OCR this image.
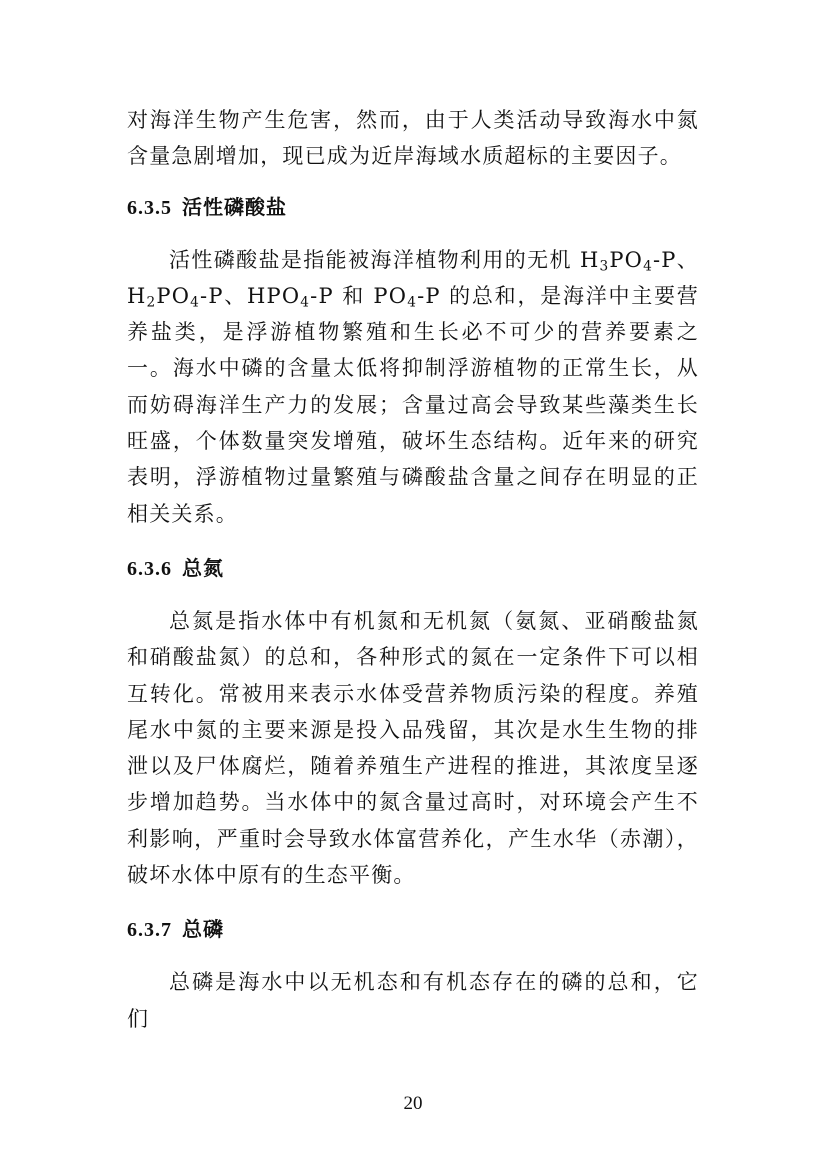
对海洋生物产生危害，然而，由于人类活动导致海水中氮含量急剧增加，现已成为近岸海域水质超标的主要因子。

6.3.5 活性磷酸盐

活性磷酸盐是指能被海洋植物利用的无机 $H_3PO_4-P$、$H_2PO_4-P$、$HPO_4-P$ 和 $PO_4-P$ 的总和，是海洋中主要营养盐类，是浮游植物繁殖和生长必不可少的营养要素之一。海水中磷的含量太低将抑制浮游植物的正常生长，从而妨碍海洋生产力的发展；含量过高会导致某些藻类生长旺盛，个体数量突发增殖，破坏生态结构。近年来的研究表明，浮游植物过量繁殖与磷酸盐含量之间存在明显的正相关关系。

6.3.6 总氮

总氮是指水体中有机氮和无机氮（氨氮、亚硝酸盐氮和硝酸盐氮）的总和，各种形式的氮在一定条件下可以相互转化。常被用来表示水体受营养物质污染的程度。养殖尾水中氮的主要来源是投入品残留，其次是水生生物的排泄以及尸体腐烂，随着养殖生产进程的推进，其浓度呈逐步增加趋势。当水体中的氮含量过高时，对环境会产生不利影响，严重时会导致水体富营养化，产生水华（赤潮），破坏水体中原有的生态平衡。

6.3.7 总磷

总磷是海水中以无机态和有机态存在的磷的总和，它们

20
